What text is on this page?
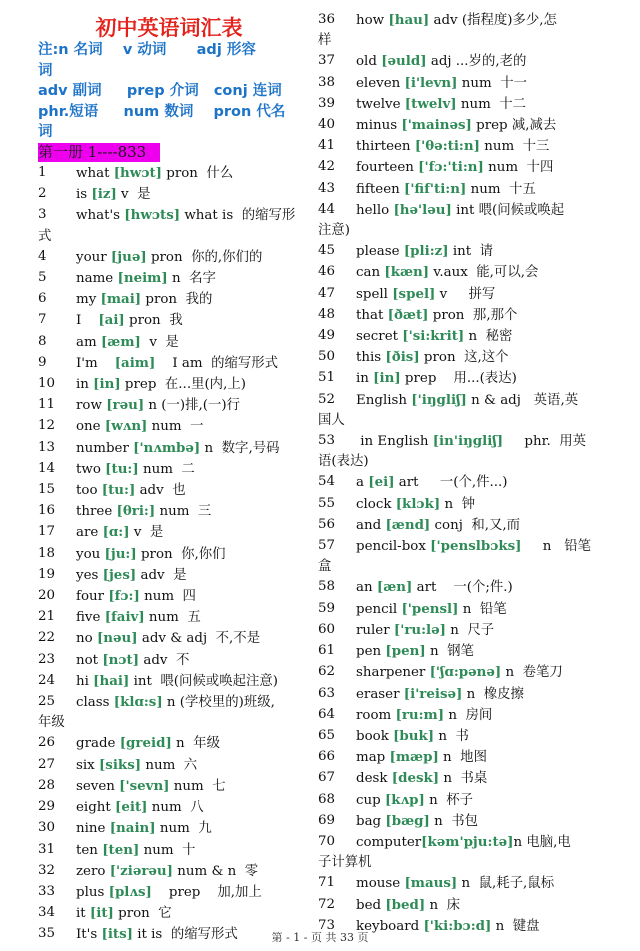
初中英语词汇表
注:n 名词    v 动词      adj 形容
词
adv 副词     prep 介词   conj 连词
phr.短语     num 数词    pron 代名
词
第一册 1----833
1	what [hwɔt] pron  什么
2	is [iz] v  是
3	what's [hwɔts] what is  的缩写形
式
4	your [juə] pron  你的,你们的
5	name [neim] n  名字
6	my [mai] pron  我的
7	I    [ai] pron  我
8	am [æm]  v  是
9	I'm    [aim]    I am  的缩写形式
10	in [in] prep  在...里(内,上)
11	row [rəu] n (一)排,(一)行
12	one [wʌn] num  一
13	number ['nʌmbə] n  数字,号码
14	two [tu:] num  二
15	too [tu:] adv  也
16	three [θri:] num  三
17	are [ɑ:] v  是
18	you [ju:] pron  你,你们
19	yes [jes] adv  是
20	four [fɔ:] num  四
21	five [faiv] num  五
22	no [nəu] adv & adj  不,不是
23	not [nɔt] adv  不
24	hi [hai] int  喂(问候或唤起注意)
25	class [klɑ:s] n (学校里的)班级,
年级
26	grade [greid] n  年级
27	six [siks] num  六
28	seven ['sevn] num  七
29	eight [eit] num  八
30	nine [nain] num  九
31	ten [ten] num  十
32	zero ['ziərəu] num & n  零
33	plus [plʌs]    prep    加,加上
34	it [it] pron  它
35	It's [its] it is  的缩写形式
36	how [hau] adv (指程度)多少,怎
样
37	old [əuld] adj ...岁的,老的
38	eleven [i'levn] num  十一
39	twelve [twelv] num  十二
40	minus ['mainəs] prep 减,减去
41	thirteen ['θə:ti:n] num  十三
42	fourteen ['fɔ:'ti:n] num  十四
43	fifteen ['fif'ti:n] num  十五
44	hello [hə'ləu] int 喂(问候或唤起
注意)
45	please [pli:z] int  请
46	can [kæn] v.aux  能,可以,会
47	spell [spel] v     拼写
48	that [ðæt] pron  那,那个
49	secret ['si:krit] n  秘密
50	this [ðis] pron  这,这个
51	in [in] prep    用...(表达)
52	English ['iŋgliʃ] n & adj   英语,英
国人
53	in English [in'iŋgliʃ]     phr.  用英
语(表达)
54	a [ei] art     一(个,件...)
55	clock [klɔk] n  钟
56	and [ænd] conj  和,又,而
57	pencil-box ['penslbɔks]     n   铅笔
盒
58	an [æn] art    一(个;件.)
59	pencil ['pensl] n  铅笔
60	ruler ['ru:lə] n  尺子
61	pen [pen] n  钢笔
62	sharpener ['ʃɑ:pənə] n  卷笔刀
63	eraser [i'reisə] n  橡皮擦
64	room [ru:m] n  房间
65	book [buk] n  书
66	map [mæp] n  地图
67	desk [desk] n  书桌
68	cup [kʌp] n  杯子
69	bag [bæg] n  书包
70	computer[kəm'pju:tə]n 电脑,电
子计算机
71	mouse [maus] n  鼠,耗子,鼠标
72	bed [bed] n  床
73	keyboard ['ki:bɔ:d] n  键盘
第 - 1 - 页 共 33 页
